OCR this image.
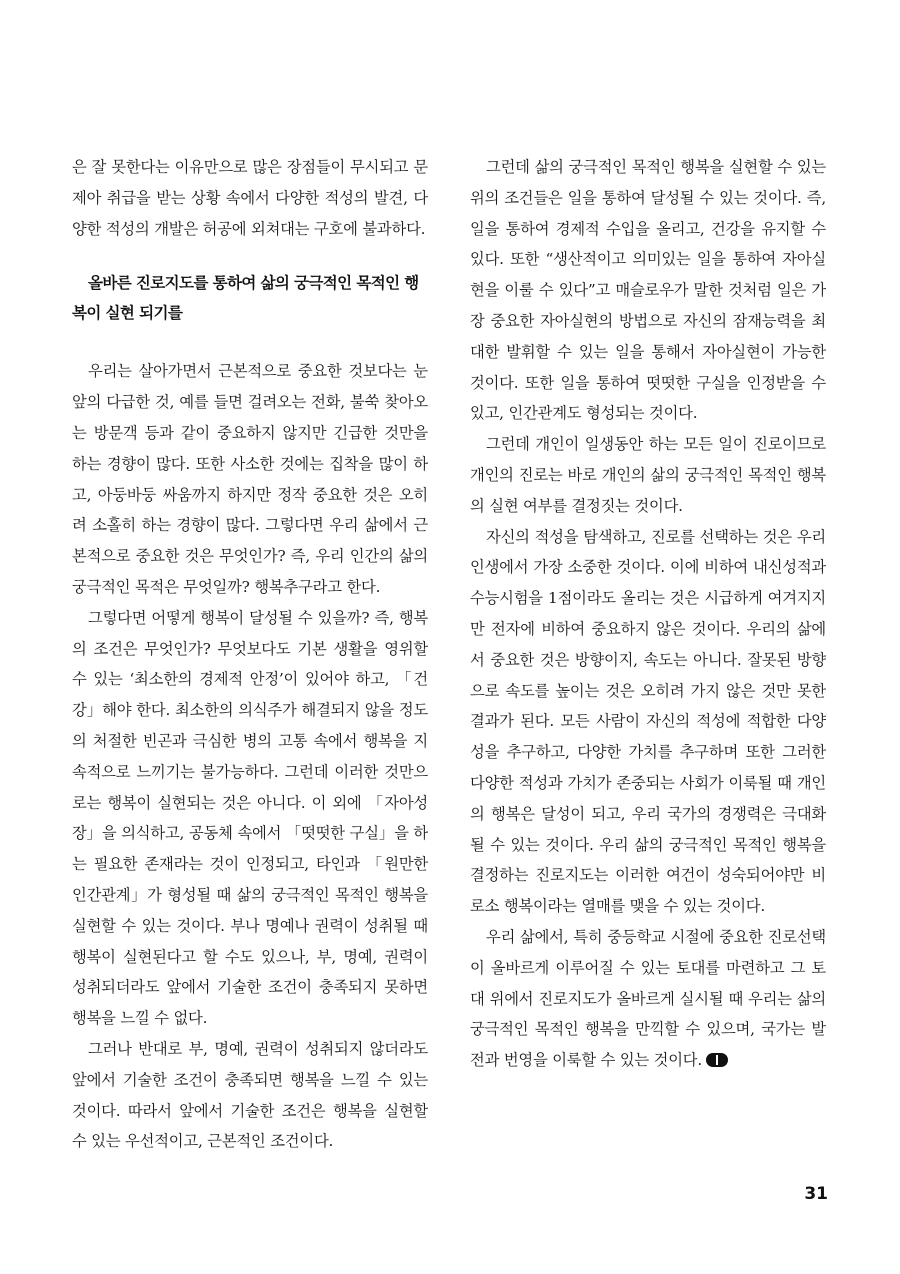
은 잘 못한다는 이유만으로 많은 장점들이 무시되고 문제아 취급을 받는 상황 속에서 다양한 적성의 발견, 다양한 적성의 개발은 허공에 외쳐대는 구호에 불과하다.

올바른 진로지도를 통하여 삶의 궁극적인 목적인 행복이 실현 되기를

우리는 살아가면서 근본적으로 중요한 것보다는 눈앞의 다급한 것, 예를 들면 걸려오는 전화, 불쑥 찾아오는 방문객 등과 같이 중요하지 않지만 긴급한 것만을 하는 경향이 많다. 또한 사소한 것에는 집착을 많이 하고, 아둥바둥 싸움까지 하지만 정작 중요한 것은 오히려 소홀히 하는 경향이 많다. 그렇다면 우리 삶에서 근본적으로 중요한 것은 무엇인가? 즉, 우리 인간의 삶의 궁극적인 목적은 무엇일까? 행복추구라고 한다.

그렇다면 어떻게 행복이 달성될 수 있을까? 즉, 행복의 조건은 무엇인가? 무엇보다도 기본 생활을 영위할 수 있는 ‘최소한의 경제적 안정’이 있어야 하고, 「건강」해야 한다. 최소한의 의식주가 해결되지 않을 정도의 처절한 빈곤과 극심한 병의 고통 속에서 행복을 지속적으로 느끼기는 불가능하다. 그런데 이러한 것만으로는 행복이 실현되는 것은 아니다. 이 외에 「자아성장」을 의식하고, 공동체 속에서 「떳떳한 구실」을 하는 필요한 존재라는 것이 인정되고, 타인과 「원만한 인간관계」가 형성될 때 삶의 궁극적인 목적인 행복을 실현할 수 있는 것이다. 부나 명예나 권력이 성취될 때 행복이 실현된다고 할 수도 있으나, 부, 명예, 권력이 성취되더라도 앞에서 기술한 조건이 충족되지 못하면 행복을 느낄 수 없다.

그러나 반대로 부, 명예, 권력이 성취되지 않더라도 앞에서 기술한 조건이 충족되면 행복을 느낄 수 있는 것이다. 따라서 앞에서 기술한 조건은 행복을 실현할 수 있는 우선적이고, 근본적인 조건이다.

그런데 삶의 궁극적인 목적인 행복을 실현할 수 있는 위의 조건들은 일을 통하여 달성될 수 있는 것이다. 즉, 일을 통하여 경제적 수입을 올리고, 건강을 유지할 수 있다. 또한 “생산적이고 의미있는 일을 통하여 자아실현을 이룰 수 있다”고 매슬로우가 말한 것처럼 일은 가장 중요한 자아실현의 방법으로 자신의 잠재능력을 최대한 발휘할 수 있는 일을 통해서 자아실현이 가능한 것이다. 또한 일을 통하여 떳떳한 구실을 인정받을 수 있고, 인간관계도 형성되는 것이다.

그런데 개인이 일생동안 하는 모든 일이 진로이므로 개인의 진로는 바로 개인의 삶의 궁극적인 목적인 행복의 실현 여부를 결정짓는 것이다.

자신의 적성을 탐색하고, 진로를 선택하는 것은 우리 인생에서 가장 소중한 것이다. 이에 비하여 내신성적과 수능시험을 1점이라도 올리는 것은 시급하게 여겨지지만 전자에 비하여 중요하지 않은 것이다. 우리의 삶에서 중요한 것은 방향이지, 속도는 아니다. 잘못된 방향으로 속도를 높이는 것은 오히려 가지 않은 것만 못한 결과가 된다. 모든 사람이 자신의 적성에 적합한 다양성을 추구하고, 다양한 가치를 추구하며 또한 그러한 다양한 적성과 가치가 존중되는 사회가 이룩될 때 개인의 행복은 달성이 되고, 우리 국가의 경쟁력은 극대화될 수 있는 것이다. 우리 삶의 궁극적인 목적인 행복을 결정하는 진로지도는 이러한 여건이 성숙되어야만 비로소 행복이라는 열매를 맺을 수 있는 것이다.

우리 삶에서, 특히 중등학교 시절에 중요한 진로선택이 올바르게 이루어질 수 있는 토대를 마련하고 그 토대 위에서 진로지도가 올바르게 실시될 때 우리는 삶의 궁극적인 목적인 행복을 만끽할 수 있으며, 국가는 발전과 번영을 이룩할 수 있는 것이다.

31
